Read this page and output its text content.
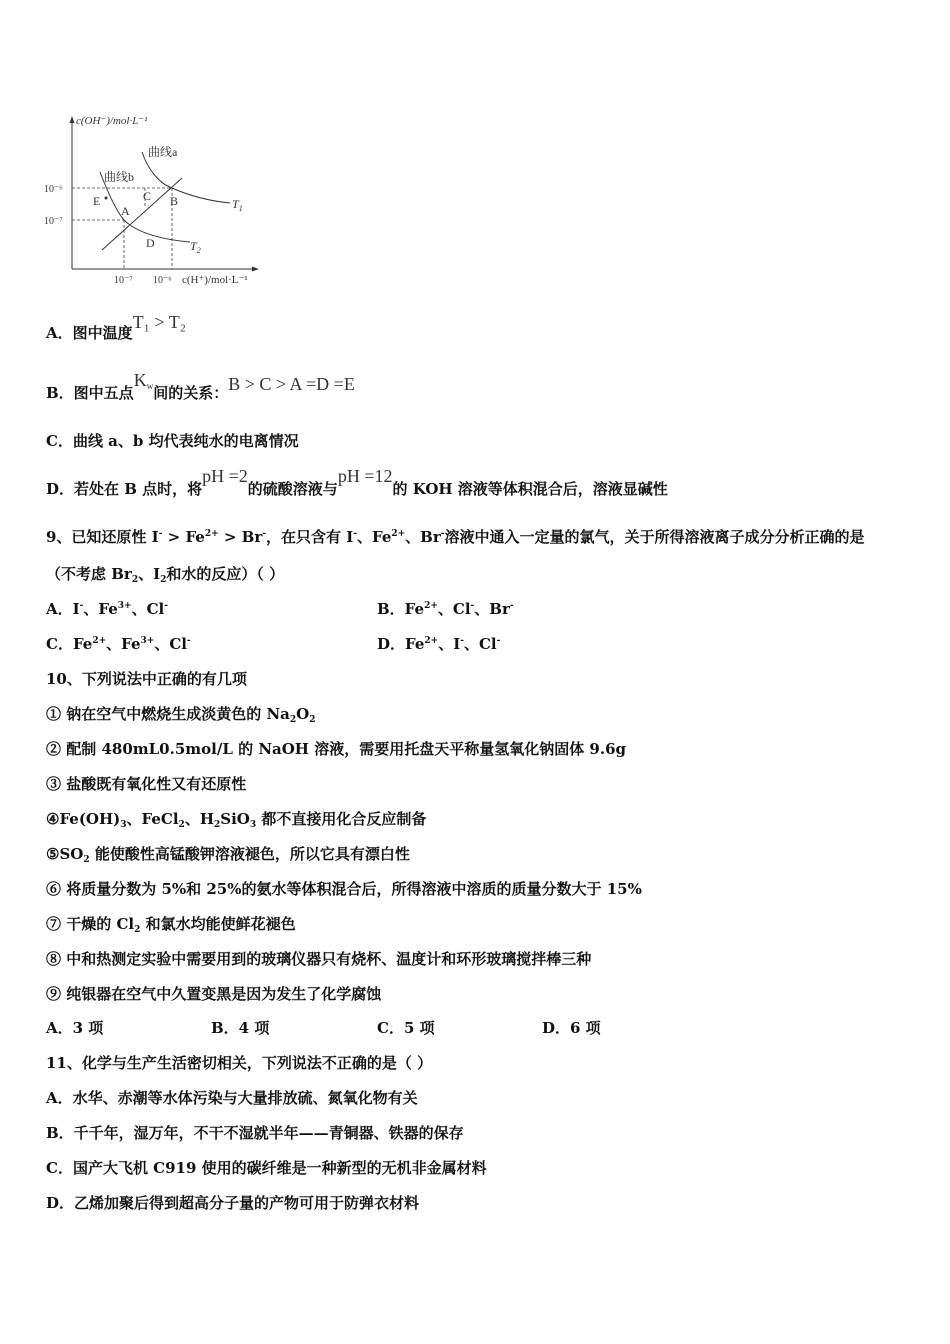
c(OH⁻)/mol·L⁻¹
c(H⁺)/mol·L⁻¹
10⁻⁶
10⁻⁷
10⁻⁷ 10⁻⁶
曲线a
曲线b
E
A
C B
D
$T_1$
$T_2$
A．图中温度T₁ > T₂
B．图中五点$K_w$间的关系：B > C > A =D =E
C．曲线 a、b 均代表纯水的电离情况
D．若处在 B 点时，将pH =2的硫酸溶液与pH =12的 KOH 溶液等体积混合后，溶液显碱性
9、已知还原性 $I^- > Fe^{2+} > Br^-$，在只含有 I-、$Fe^{2+}$、Br-溶液中通入一定量的氯气，关于所得溶液离子成分分析正确的是
（不考虑 $Br_2$、$I_2$和水的反应）（ ）
A．I-、$Fe^{3+}$、Cl-	B．$Fe^{2+}$、Cl-、Br-
C．$Fe^{2+}$、$Fe^{3+}$、Cl-	D．$Fe^{2+}$、I-、Cl-
10、下列说法中正确的有几项
① 钠在空气中燃烧生成淡黄色的 $Na_2O_2$
② 配制 480mL0.5mol/L 的 NaOH 溶液，需要用托盘天平称量氢氧化钠固体 9.6g
③ 盐酸既有氧化性又有还原性
$④Fe(OH)_3$、FeCl$_2$、$H_2SiO_3$ 都不直接用化合反应制备
$⑤SO_2$ 能使酸性高锰酸钾溶液褪色，所以它具有漂白性
⑥ 将质量分数为 5%和 25%的氨水等体积混合后，所得溶液中溶质的质量分数大于 15%
⑦ 干燥的 $Cl_2$ 和氯水均能使鲜花褪色
⑧ 中和热测定实验中需要用到的玻璃仪器只有烧杯、温度计和环形玻璃搅拌棒三种
⑨ 纯银器在空气中久置变黑是因为发生了化学腐蚀
A．3 项	B．4 项	C．5 项	D．6 项
11、化学与生产生活密切相关，下列说法不正确的是（ ）
A．水华、赤潮等水体污染与大量排放硫、氮氧化物有关
B．千千年，湿万年，不干不湿就半年——青铜器、铁器的保存
C．国产大飞机 C919 使用的碳纤维是一种新型的无机非金属材料
D．乙烯加聚后得到超高分子量的产物可用于防弹衣材料
